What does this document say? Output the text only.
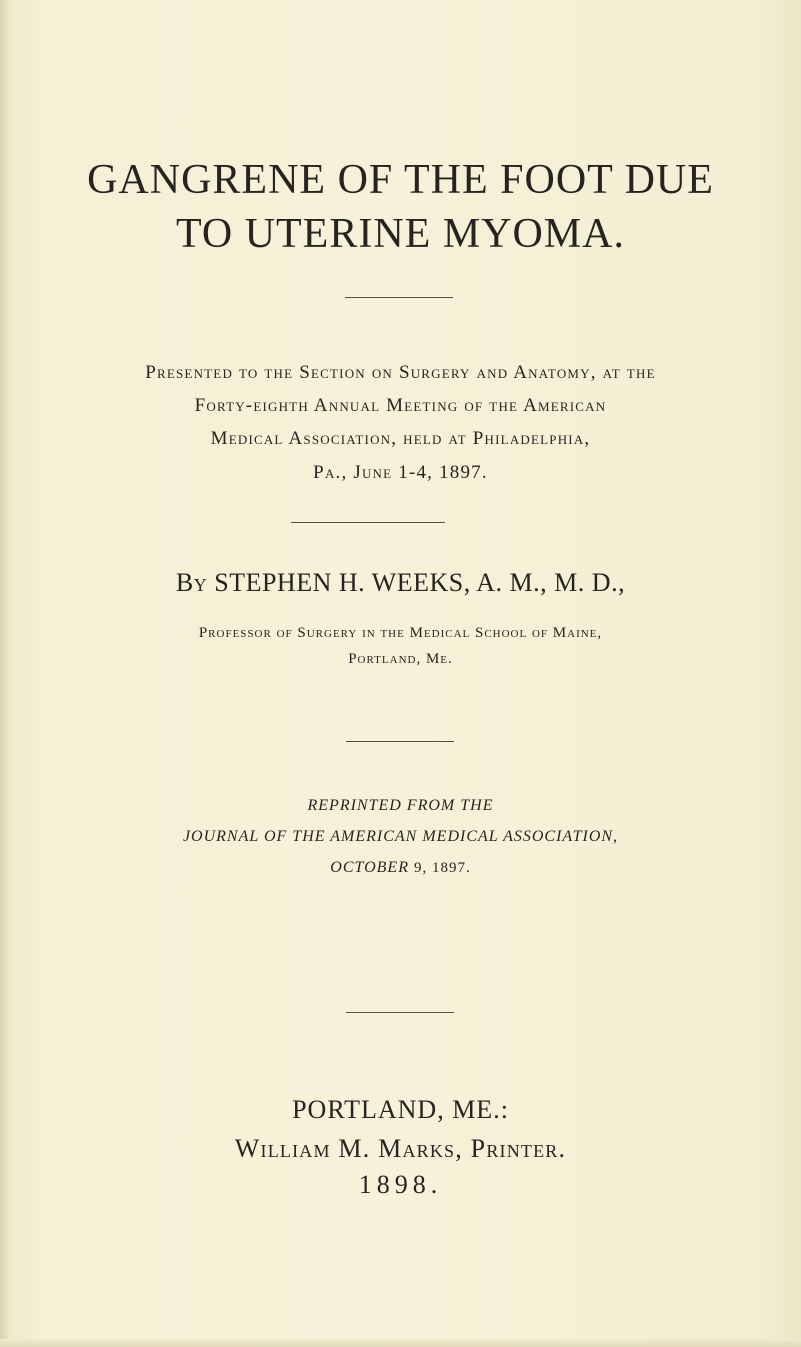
GANGRENE OF THE FOOT DUE
TO UTERINE MYOMA.
Presented to the Section on Surgery and Anatomy, at the
Forty-eighth Annual Meeting of the American
Medical Association, held at Philadelphia,
Pa., June 1-4, 1897.
By STEPHEN H. WEEKS, A. M., M. D.,
Professor of Surgery in the Medical School of Maine,
Portland, Me.
REPRINTED FROM THE
JOURNAL OF THE AMERICAN MEDICAL ASSOCIATION,
OCTOBER 9, 1897.
PORTLAND, ME.:
William M. Marks, Printer.
1898.
